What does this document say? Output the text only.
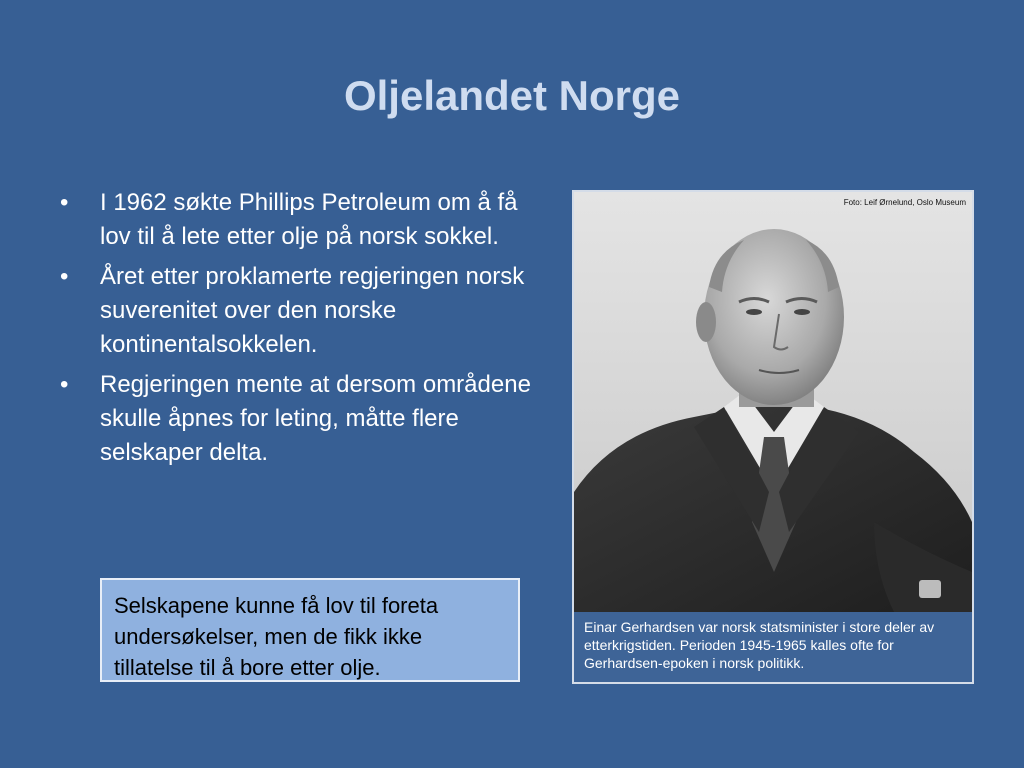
Oljelandet Norge
•	I 1962 søkte Phillips Petroleum om å få lov til å lete etter olje på norsk sokkel.
•	Året etter proklamerte regjeringen norsk suverenitet over den norske kontinentalsokkelen.
•	Regjeringen mente at dersom områdene skulle åpnes for leting, måtte flere selskaper delta.
Selskapene kunne få lov til foreta undersøkelser, men de fikk ikke tillatelse til å bore etter olje.
Foto: Leif Ørnelund, Oslo Museum
Einar Gerhardsen var norsk statsminister i store deler av etterkrigstiden. Perioden 1945-1965 kalles ofte for Gerhardsen-epoken i norsk politikk.
